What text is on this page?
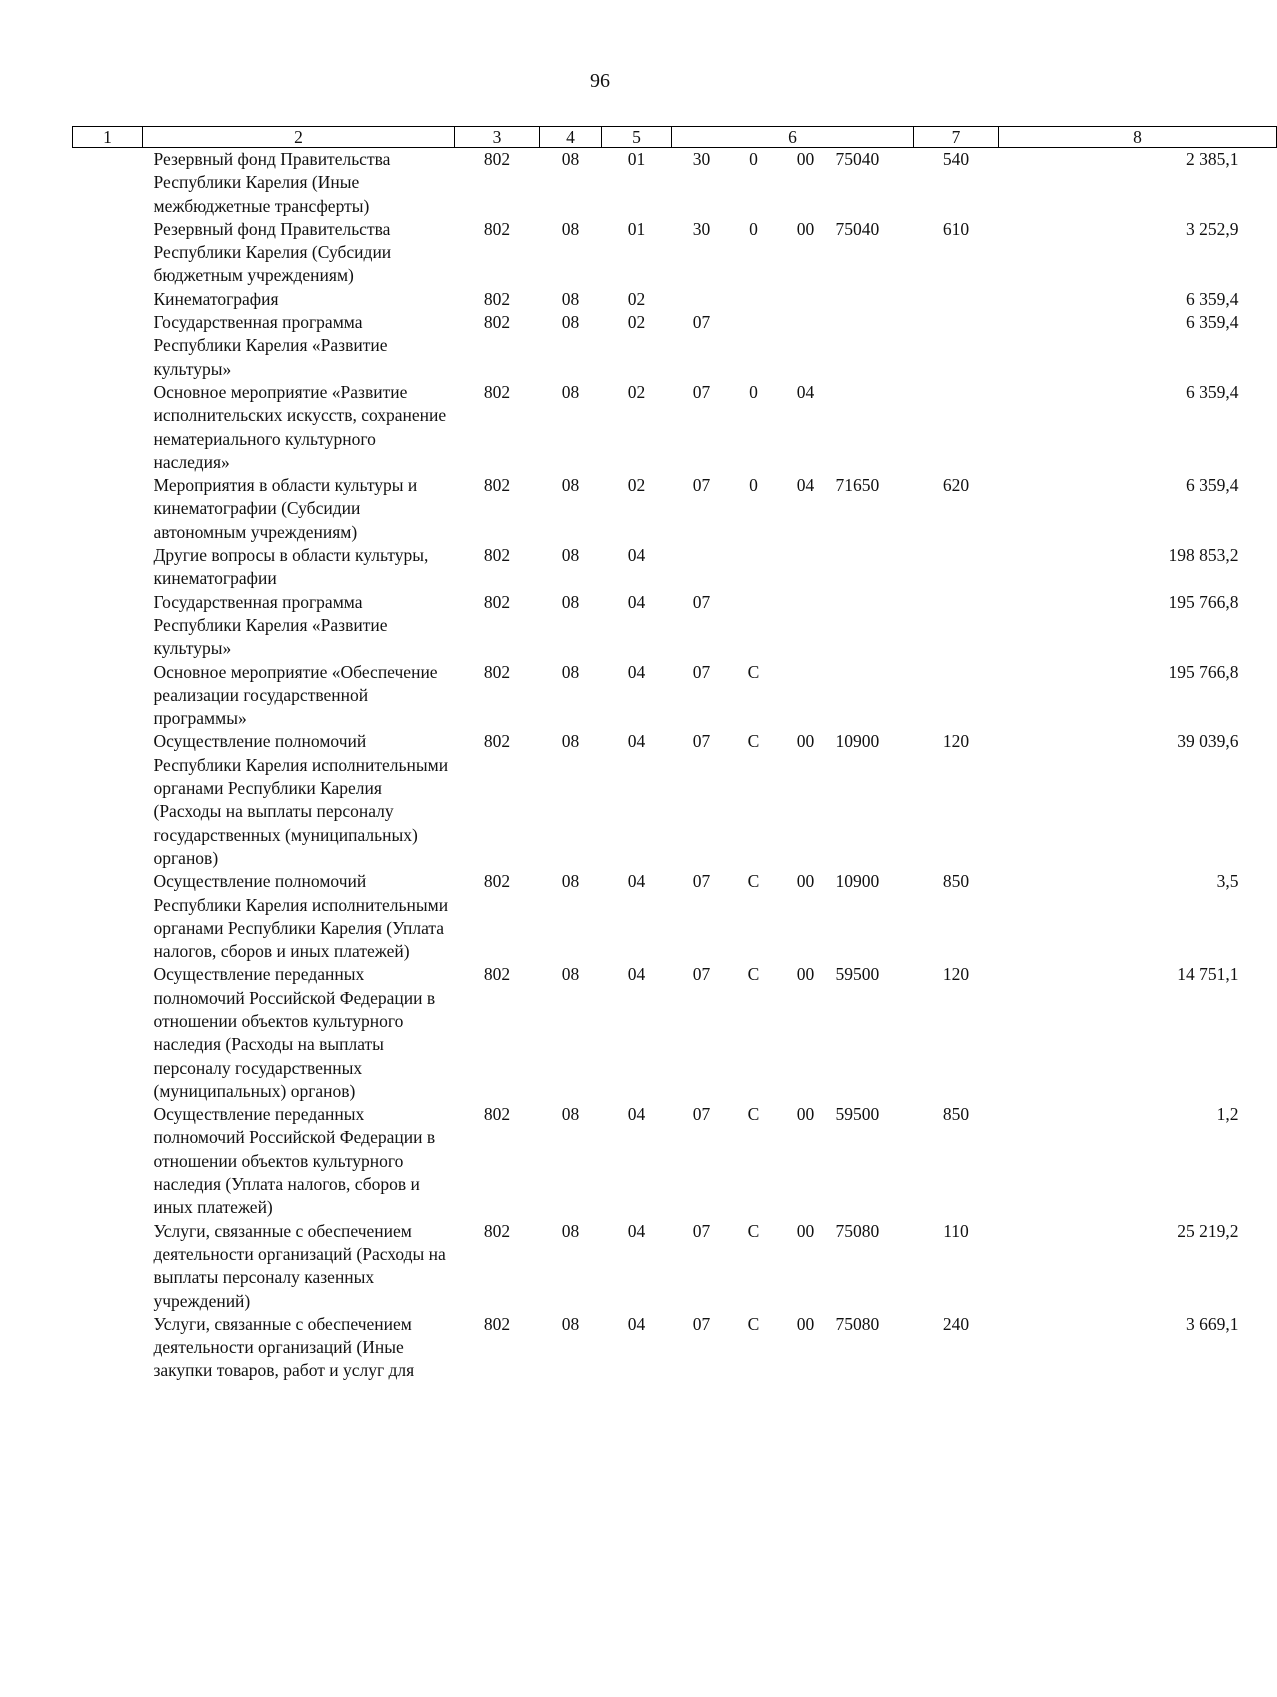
96
1	2	3	4	5	6				7	8
	Резервный фонд Правительства Республики Карелия (Иные межбюджетные трансферты)	802	08	01	30	0	00	75040	540	2 385,1
	Резервный фонд Правительства Республики Карелия (Субсидии бюджетным учреждениям)	802	08	01	30	0	00	75040	610	3 252,9
	Кинематография	802	08	02						6 359,4
	Государственная программа Республики Карелия «Развитие культуры»	802	08	02	07					6 359,4
	Основное мероприятие «Развитие исполнительских искусств, сохранение нематериального культурного наследия»	802	08	02	07	0	04			6 359,4
	Мероприятия в области культуры и кинематографии (Субсидии автономным учреждениям)	802	08	02	07	0	04	71650	620	6 359,4
	Другие вопросы в области культуры, кинематографии	802	08	04						198 853,2
	Государственная программа Республики Карелия «Развитие культуры»	802	08	04	07					195 766,8
	Основное мероприятие «Обеспечение реализации государственной программы»	802	08	04	07	С				195 766,8
	Осуществление полномочий Республики Карелия исполнительными органами Республики Карелия (Расходы на выплаты персоналу государственных (муниципальных) органов)	802	08	04	07	С	00	10900	120	39 039,6
	Осуществление полномочий Республики Карелия исполнительными органами Республики Карелия (Уплата налогов, сборов и иных платежей)	802	08	04	07	С	00	10900	850	3,5
	Осуществление переданных полномочий Российской Федерации в отношении объектов культурного наследия (Расходы на выплаты персоналу государственных (муниципальных) органов)	802	08	04	07	С	00	59500	120	14 751,1
	Осуществление переданных полномочий Российской Федерации в отношении объектов культурного наследия (Уплата налогов, сборов и иных платежей)	802	08	04	07	С	00	59500	850	1,2
	Услуги, связанные с обеспечением деятельности организаций (Расходы на выплаты персоналу казенных учреждений)	802	08	04	07	С	00	75080	110	25 219,2
	Услуги, связанные с обеспечением деятельности организаций (Иные закупки товаров, работ и услуг для	802	08	04	07	С	00	75080	240	3 669,1
